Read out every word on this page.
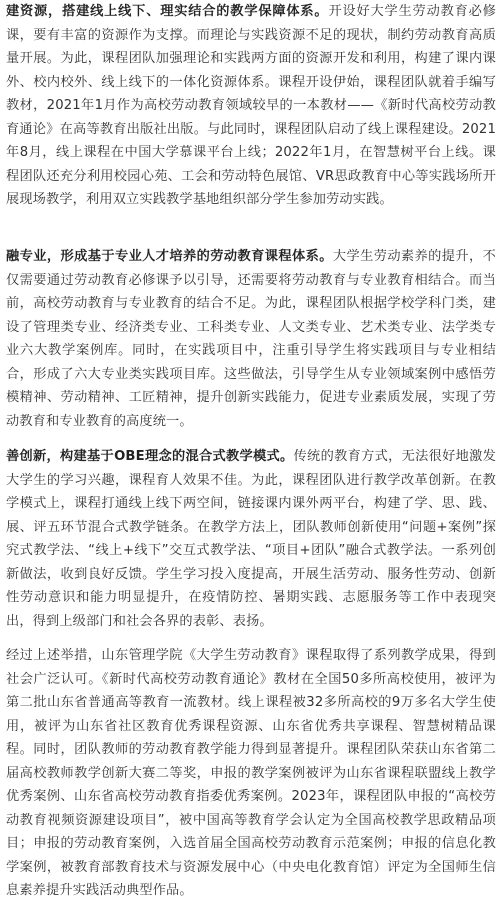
建资源，搭建线上线下、理实结合的教学保障体系。开设好大学生劳动教育必修课，要有丰富的资源作为支撑。而理论与实践资源不足的现状，制约劳动教育高质量开展。为此，课程团队加强理论和实践两方面的资源开发和利用，构建了课内课外、校内校外、线上线下的一体化资源体系。课程开设伊始，课程团队就着手编写教材，2021年1月作为高校劳动教育领域较早的一本教材——《新时代高校劳动教育通论》在高等教育出版社出版。与此同时，课程团队启动了线上课程建设。2021年8月，线上课程在中国大学慕课平台上线；2022年1月，在智慧树平台上线。课程团队还充分利用校园心苑、工会和劳动特色展馆、VR思政教育中心等实践场所开展现场教学，利用双立实践教学基地组织部分学生参加劳动实践。

融专业，形成基于专业人才培养的劳动教育课程体系。大学生劳动素养的提升，不仅需要通过劳动教育必修课予以引导，还需要将劳动教育与专业教育相结合。而当前，高校劳动教育与专业教育的结合不足。为此，课程团队根据学校学科门类，建设了管理类专业、经济类专业、工科类专业、人文类专业、艺术类专业、法学类专业六大教学案例库。同时，在实践项目中，注重引导学生将实践项目与专业相结合，形成了六大专业类实践项目库。这些做法，引导学生从专业领域案例中感悟劳模精神、劳动精神、工匠精神，提升创新实践能力，促进专业素质发展，实现了劳动教育和专业教育的高度统一。

善创新，构建基于OBE理念的混合式教学模式。传统的教育方式，无法很好地激发大学生的学习兴趣，课程育人效果不佳。为此，课程团队进行教学改革创新。在教学模式上，课程打通线上线下两空间，链接课内课外两平台，构建了学、思、践、展、评五环节混合式教学链条。在教学方法上，团队教师创新使用“问题+案例”探究式教学法、“线上+线下”交互式教学法、“项目+团队”融合式教学法。一系列创新做法，收到良好反馈。学生学习投入度提高，开展生活劳动、服务性劳动、创新性劳动意识和能力明显提升，在疫情防控、暑期实践、志愿服务等工作中表现突出，得到上级部门和社会各界的表彰、表扬。

经过上述举措，山东管理学院《大学生劳动教育》课程取得了系列教学成果，得到社会广泛认可。《新时代高校劳动教育通论》教材在全国50多所高校使用，被评为第二批山东省普通高等教育一流教材。线上课程被32多所高校的9万多名大学生使用，被评为山东省社区教育优秀课程资源、山东省优秀共享课程、智慧树精品课程。同时，团队教师的劳动教育教学能力得到显著提升。课程团队荣获山东省第二届高校教师教学创新大赛二等奖，申报的教学案例被评为山东省课程联盟线上教学优秀案例、山东省高校劳动教育指委优秀案例。2023年，课程团队申报的“高校劳动教育视频资源建设项目”，被中国高等教育学会认定为全国高校教学思政精品项目；申报的劳动教育案例，入选首届全国高校劳动教育示范案例；申报的信息化教学案例，被教育部教育技术与资源发展中心（中央电化教育馆）评定为全国师生信息素养提升实践活动典型作品。
